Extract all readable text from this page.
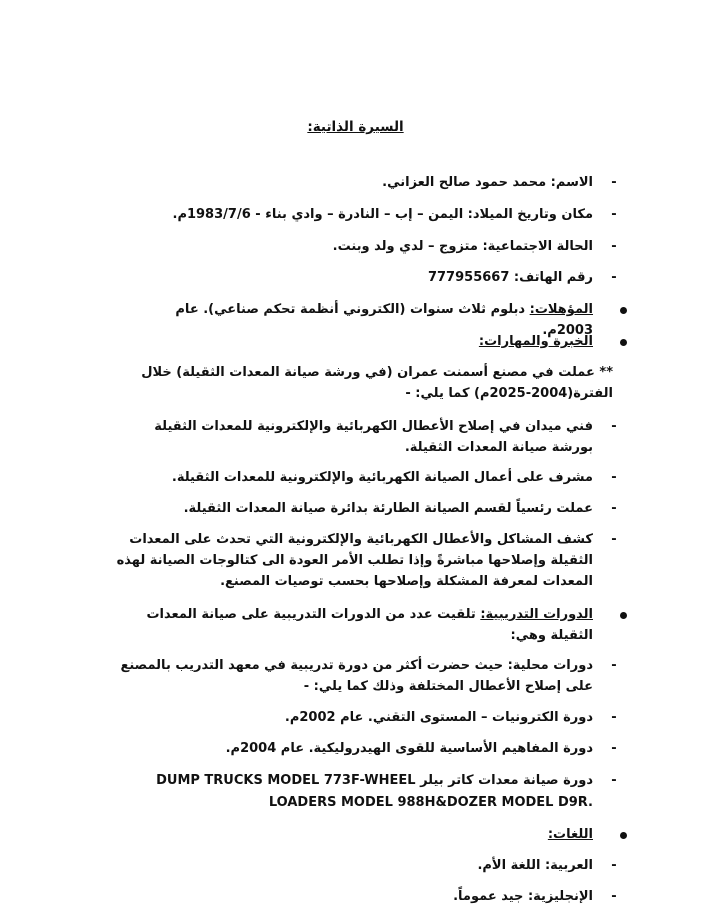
السيرة الذاتية:
-
الاسم: محمد حمود صالح العزاني.
-
مكان وتاريخ الميلاد: اليمن – إب – النادرة – وادي بناء - 1983/7/6م.
-
الحالة الاجتماعية: متزوج – لدي ولد وبنت.
-
رقم الهاتف: 777955667
المؤهلات: دبلوم ثلاث سنوات (الكتروني أنظمة تحكم صناعي). عام 2003م.
الخبرة والمهارات:
** عملت في مصنع أسمنت عمران (في ورشة صيانة المعدات الثقيلة) خلال الفترة(2004-2025م) كما يلي: -
-
فني ميدان في إصلاح الأعطال الكهربائية والإلكترونية للمعدات الثقيلة بورشة صيانة المعدات الثقيلة.
-
مشرف على أعمال الصيانة الكهربائية والإلكترونية للمعدات الثقيلة.
-
عملت رئسياً لقسم الصيانة الطارئة بدائرة صيانة المعدات الثقيلة.
-
كشف المشاكل والأعطال الكهربائية والإلكترونية التي تحدث على المعدات الثقيلة وإصلاحها مباشرةً وإذا تطلب الأمر العودة الى كتالوجات الصيانة لهذه المعدات لمعرفة المشكلة وإصلاحها بحسب توصيات المصنع.
الدورات التدريبية: تلقيت عدد من الدورات التدريبية على صيانة المعدات الثقيلة وهي:
-
دورات محلية: حيث حضرت أكثر من دورة تدريبية في معهد التدريب بالمصنع على إصلاح الأعطال المختلفة وذلك كما يلي: -
-
دورة الكترونيات – المستوى التقني. عام 2002م.
-
دورة المفاهيم الأساسية للقوى الهيدروليكية. عام 2004م.
-
دورة صيانة معدات كاتر بيلر DUMP TRUCKS MODEL 773F-WHEEL
LOADERS MODEL 988H&DOZER MODEL D9R.
اللغات:
-
العربية: اللغة الأم.
-
الإنجليزية: جيد عموماً.
